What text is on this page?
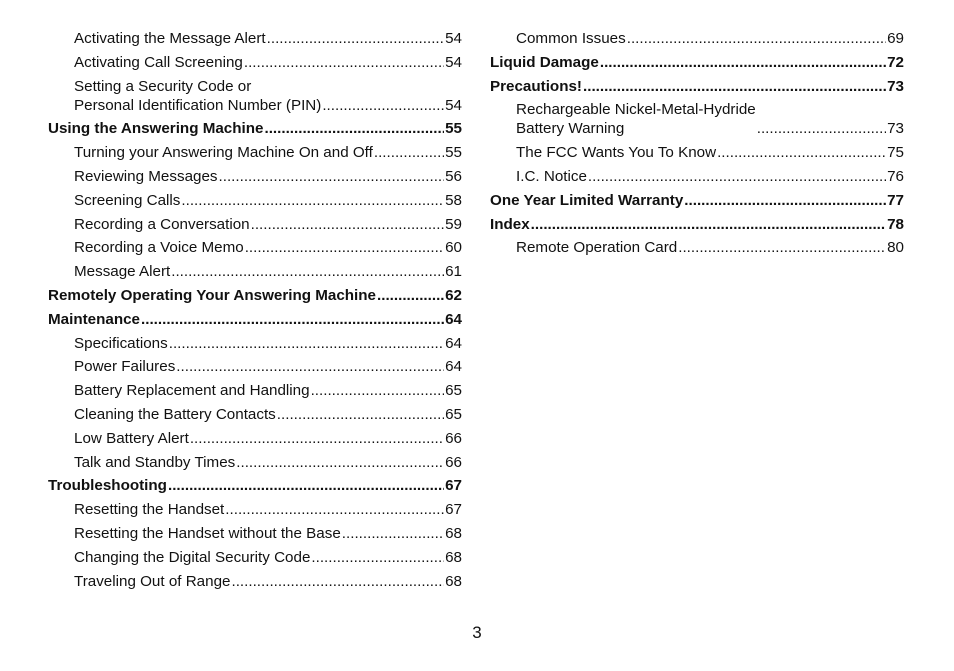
Activating the Message Alert .....	54
Activating Call Screening .....	54
Setting a Security Code or
Personal Identification Number (PIN) .....	54
Using the Answering Machine .....	55
Turning your Answering Machine On and Off .....	55
Reviewing Messages .....	56
Screening Calls .....	58
Recording a Conversation .....	59
Recording a Voice Memo .....	60
Message Alert .....	61
Remotely Operating Your Answering Machine .....	62
Maintenance .....	64
Specifications .....	64
Power Failures .....	64
Battery Replacement and Handling .....	65
Cleaning the Battery Contacts .....	65
Low Battery Alert .....	66
Talk and Standby Times .....	66
Troubleshooting .....	67
Resetting the Handset .....	67
Resetting the Handset without the Base .....	68
Changing the Digital Security Code .....	68
Traveling Out of Range .....	68
Common Issues .....	69
Liquid Damage .....	72
Precautions! .....	73
Rechargeable Nickel-Metal-Hydride
Battery Warning .....	73
The FCC Wants You To Know .....	75
I.C. Notice .....	76
One Year Limited Warranty .....	77
Index .....	78
Remote Operation Card .....	80
3
